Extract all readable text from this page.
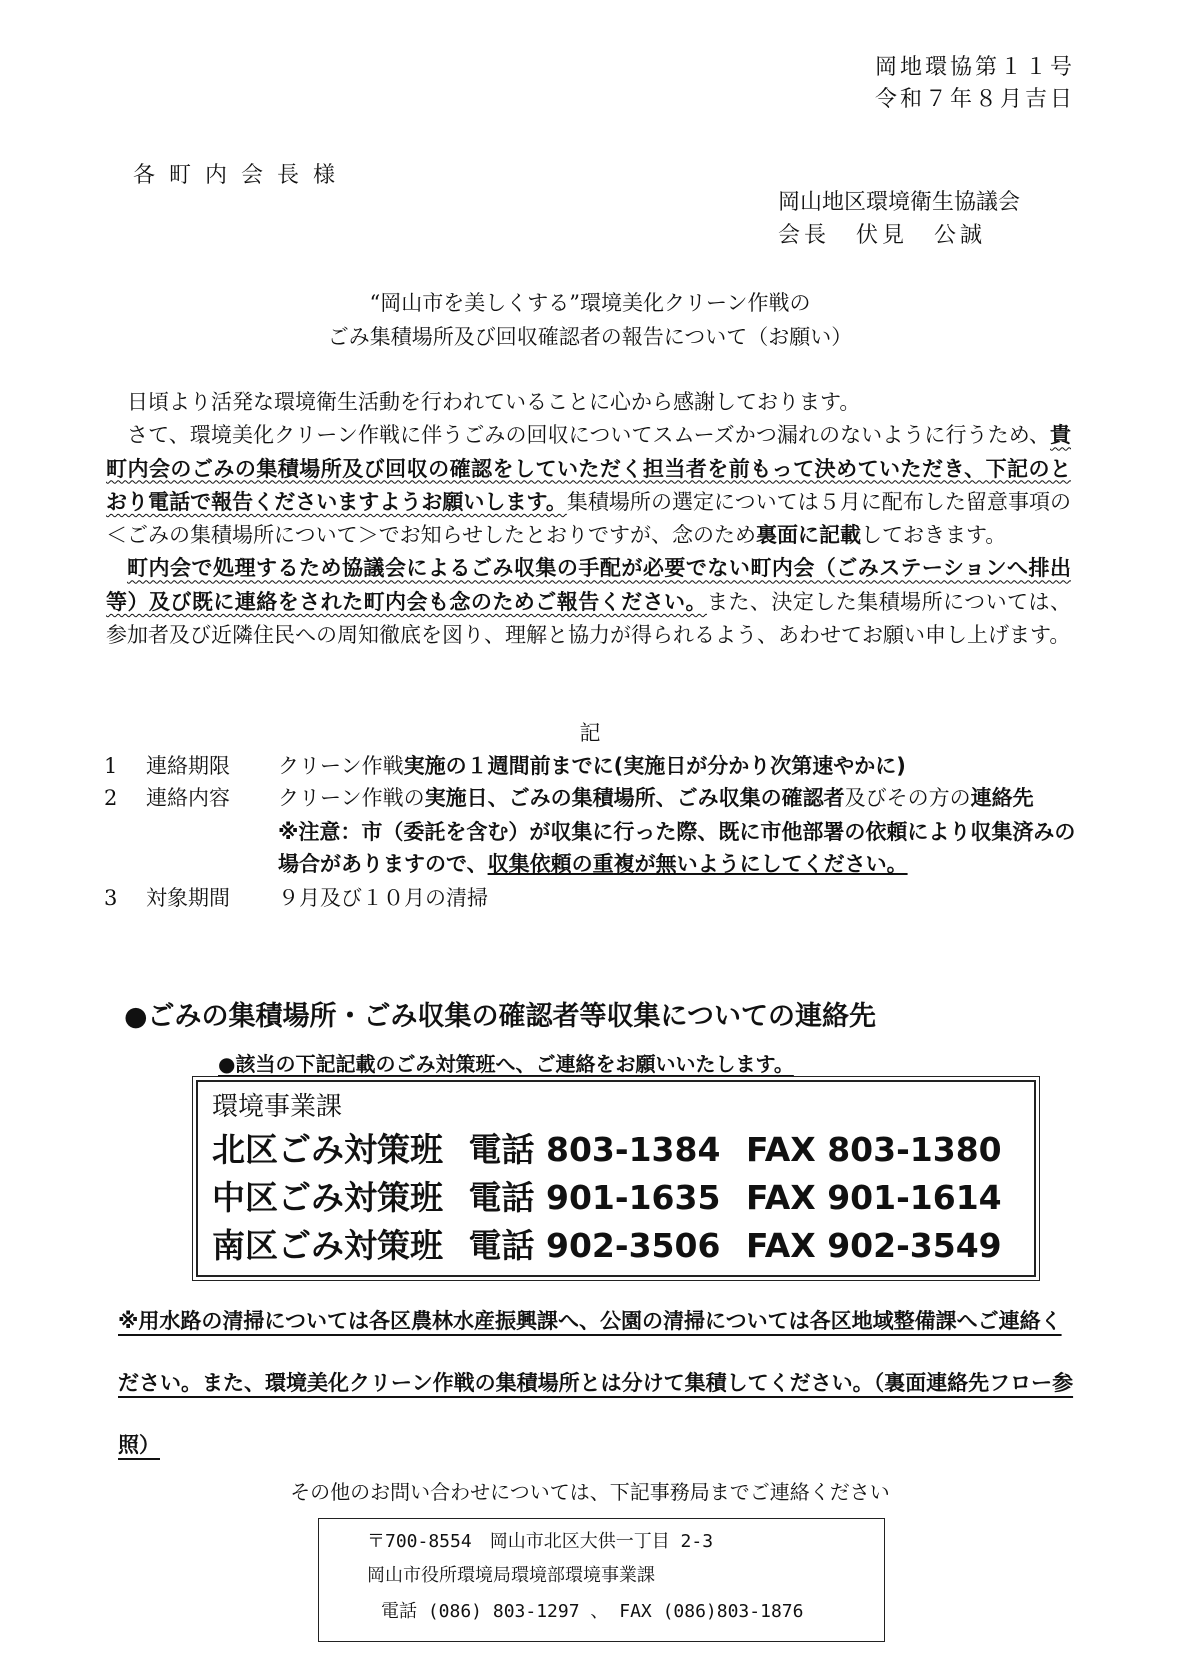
岡地環協第１１号
令和７年８月吉日
各町内会長様
岡山地区環境衛生協議会
会長　伏見　公誠
“岡山市を美しくする”環境美化クリーン作戦の
ごみ集積場所及び回収確認者の報告について（お願い）

日頃より活発な環境衛生活動を行われていることに心から感謝しております。

さて、環境美化クリーン作戦に伴うごみの回収についてスムーズかつ漏れのないように行うため、貴町内会のごみの集積場所及び回収の確認をしていただく担当者を前もって決めていただき、下記のとおり電話で報告くださいますようお願いします。集積場所の選定については５月に配布した留意事項の＜ごみの集積場所について＞でお知らせしたとおりですが、念のため裏面に記載しておきます。

町内会で処理するため協議会によるごみ収集の手配が必要でない町内会（ごみステーションへ排出等）及び既に連絡をされた町内会も念のためご報告ください。また、決定した集積場所については、参加者及び近隣住民への周知徹底を図り、理解と協力が得られるよう、あわせてお願い申し上げます。

記
1	連絡期限	クリーン作戦実施の１週間前までに(実施日が分かり次第速やかに)
2	連絡内容	クリーン作戦の実施日、ごみの集積場所、ごみ収集の確認者及びその方の連絡先
※注意：市（委託を含む）が収集に行った際、既に市他部署の依頼により収集済みの場合がありますので、収集依頼の重複が無いようにしてください。
3	対象期間	９月及び１０月の清掃
●ごみの集積場所・ごみ収集の確認者等収集についての連絡先
●該当の下記記載のごみ対策班へ、ご連絡をお願いいたします。
環境事業課
北区ごみ対策班 電話 803-1384 FAX 803-1380
中区ごみ対策班 電話 901-1635 FAX 901-1614
南区ごみ対策班 電話 902-3506 FAX 902-3549
※用水路の清掃については各区農林水産振興課へ、公園の清掃については各区地域整備課へご連絡ください。また、環境美化クリーン作戦の集積場所とは分けて集積してください。（裏面連絡先フロー参照）
その他のお問い合わせについては、下記事務局までご連絡ください
〒700-8554　岡山市北区大供一丁目 2-3
岡山市役所環境局環境部環境事業課
電話 (086) 803-1297 、 FAX (086)803-1876
